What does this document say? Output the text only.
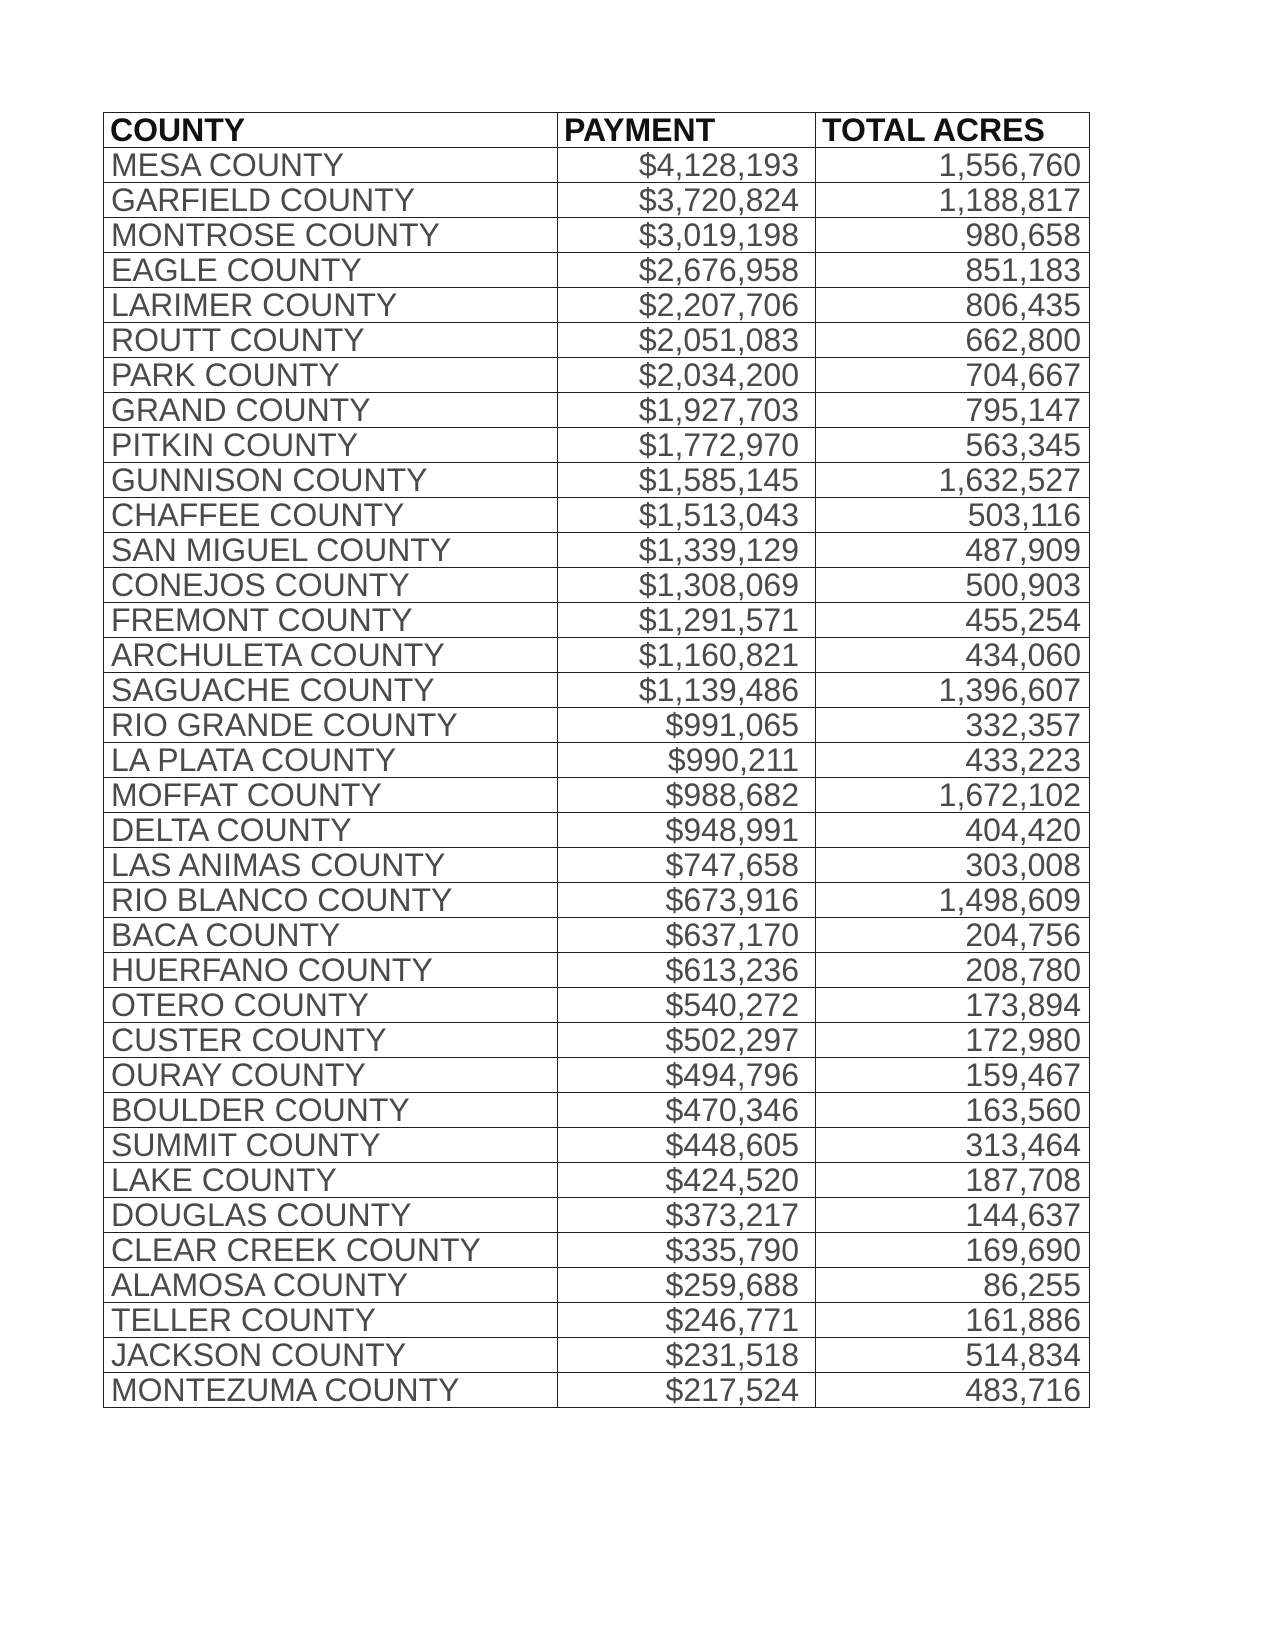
COUNTY	PAYMENT	TOTAL ACRES
MESA COUNTY	$4,128,193	1,556,760
GARFIELD COUNTY	$3,720,824	1,188,817
MONTROSE COUNTY	$3,019,198	980,658
EAGLE COUNTY	$2,676,958	851,183
LARIMER COUNTY	$2,207,706	806,435
ROUTT COUNTY	$2,051,083	662,800
PARK COUNTY	$2,034,200	704,667
GRAND COUNTY	$1,927,703	795,147
PITKIN COUNTY	$1,772,970	563,345
GUNNISON COUNTY	$1,585,145	1,632,527
CHAFFEE COUNTY	$1,513,043	503,116
SAN MIGUEL COUNTY	$1,339,129	487,909
CONEJOS COUNTY	$1,308,069	500,903
FREMONT COUNTY	$1,291,571	455,254
ARCHULETA COUNTY	$1,160,821	434,060
SAGUACHE COUNTY	$1,139,486	1,396,607
RIO GRANDE COUNTY	$991,065	332,357
LA PLATA COUNTY	$990,211	433,223
MOFFAT COUNTY	$988,682	1,672,102
DELTA COUNTY	$948,991	404,420
LAS ANIMAS COUNTY	$747,658	303,008
RIO BLANCO COUNTY	$673,916	1,498,609
BACA COUNTY	$637,170	204,756
HUERFANO COUNTY	$613,236	208,780
OTERO COUNTY	$540,272	173,894
CUSTER COUNTY	$502,297	172,980
OURAY COUNTY	$494,796	159,467
BOULDER COUNTY	$470,346	163,560
SUMMIT COUNTY	$448,605	313,464
LAKE COUNTY	$424,520	187,708
DOUGLAS COUNTY	$373,217	144,637
CLEAR CREEK COUNTY	$335,790	169,690
ALAMOSA COUNTY	$259,688	86,255
TELLER COUNTY	$246,771	161,886
JACKSON COUNTY	$231,518	514,834
MONTEZUMA COUNTY	$217,524	483,716
